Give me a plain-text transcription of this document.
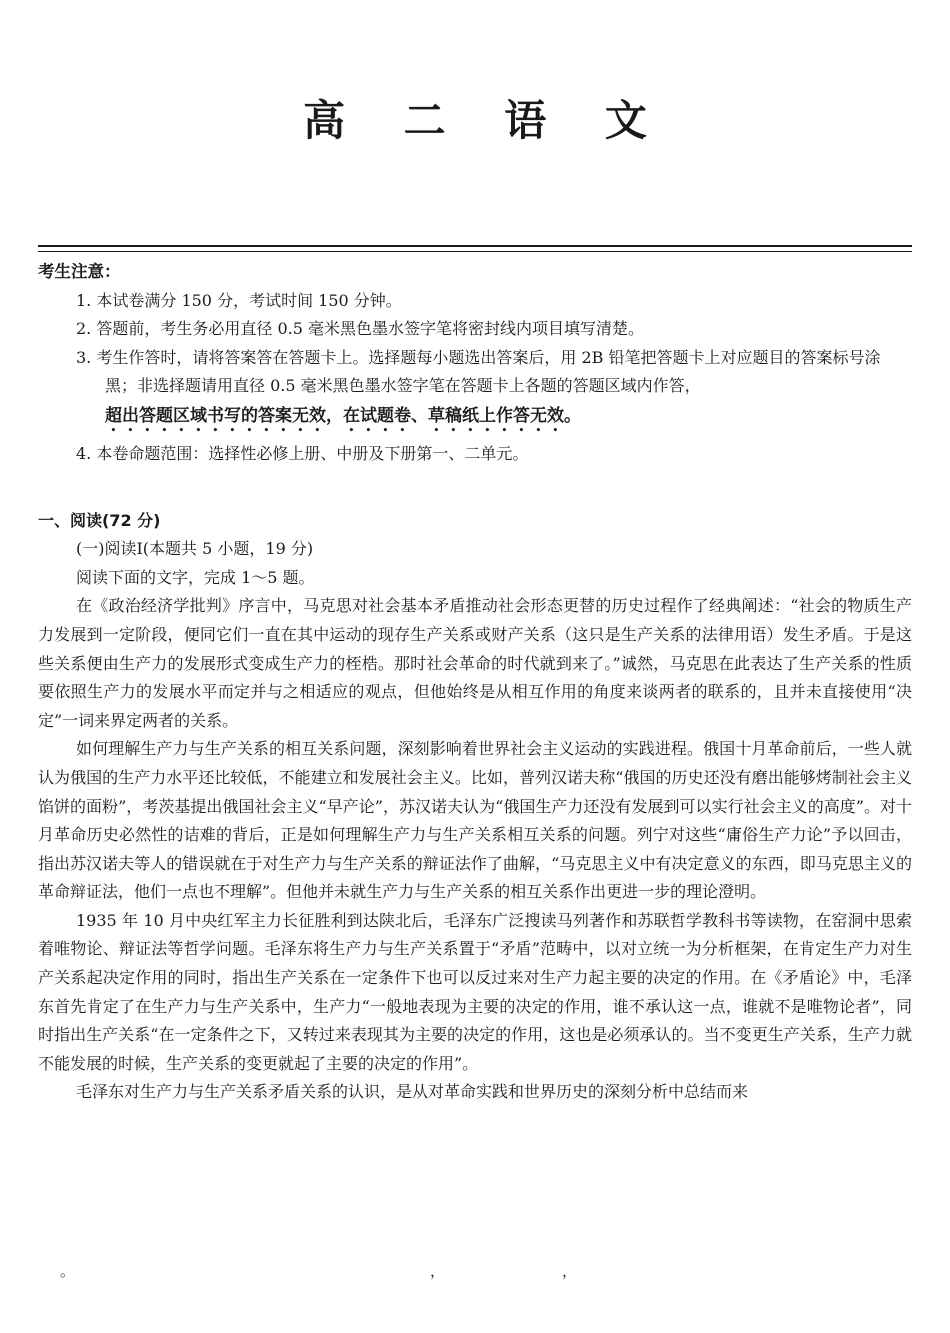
高 二 语 文

考生注意：

1. 本试卷满分 150 分，考试时间 150 分钟。

2. 答题前，考生务必用直径 0.5 毫米黑色墨水签字笔将密封线内项目填写清楚。

3. 考生作答时，请将答案答在答题卡上。选择题每小题选出答案后，用 2B 铅笔把答题卡上对应题目的答案标号涂黑；非选择题请用直径 0.5 毫米黑色墨水签字笔在答题卡上各题的答题区域内作答，
超出答题区域书写的答案无效，在试题卷、草稿纸上作答无效。

4. 本卷命题范围：选择性必修上册、中册及下册第一、二单元。

一、阅读(72 分)

(一)阅读Ⅰ(本题共 5 小题，19 分)

阅读下面的文字，完成 1～5 题。

在《政治经济学批判》序言中，马克思对社会基本矛盾推动社会形态更替的历史过程作了经典阐述：“社会的物质生产力发展到一定阶段，便同它们一直在其中运动的现存生产关系或财产关系（这只是生产关系的法律用语）发生矛盾。于是这些关系便由生产力的发展形式变成生产力的桎梏。那时社会革命的时代就到来了。”诚然，马克思在此表达了生产关系的性质要依照生产力的发展水平而定并与之相适应的观点，但他始终是从相互作用的角度来谈两者的联系的，且并未直接使用“决定”一词来界定两者的关系。

如何理解生产力与生产关系的相互关系问题，深刻影响着世界社会主义运动的实践进程。俄国十月革命前后，一些人就认为俄国的生产力水平还比较低，不能建立和发展社会主义。比如，普列汉诺夫称“俄国的历史还没有磨出能够烤制社会主义馅饼的面粉”，考茨基提出俄国社会主义“早产论”，苏汉诺夫认为“俄国生产力还没有发展到可以实行社会主义的高度”。对十月革命历史必然性的诘难的背后，正是如何理解生产力与生产关系相互关系的问题。列宁对这些“庸俗生产力论”予以回击，指出苏汉诺夫等人的错误就在于对生产力与生产关系的辩证法作了曲解，“马克思主义中有决定意义的东西，即马克思主义的革命辩证法，他们一点也不理解”。但他并未就生产力与生产关系的相互关系作出更进一步的理论澄明。

1935 年 10 月中央红军主力长征胜利到达陕北后，毛泽东广泛搜读马列著作和苏联哲学教科书等读物，在窑洞中思索着唯物论、辩证法等哲学问题。毛泽东将生产力与生产关系置于“矛盾”范畴中，以对立统一为分析框架，在肯定生产力对生产关系起决定作用的同时，指出生产关系在一定条件下也可以反过来对生产力起主要的决定的作用。在《矛盾论》中，毛泽东首先肯定了在生产力与生产关系中，生产力“一般地表现为主要的决定的作用，谁不承认这一点，谁就不是唯物论者”，同时指出生产关系“在一定条件之下，又转过来表现其为主要的决定的作用，这也是必须承认的。当不变更生产关系，生产力就不能发展的时候，生产关系的变更就起了主要的决定的作用”。

毛泽东对生产力与生产关系矛盾关系的认识，是从对革命实践和世界历史的深刻分析中总结而来

。	，	，
